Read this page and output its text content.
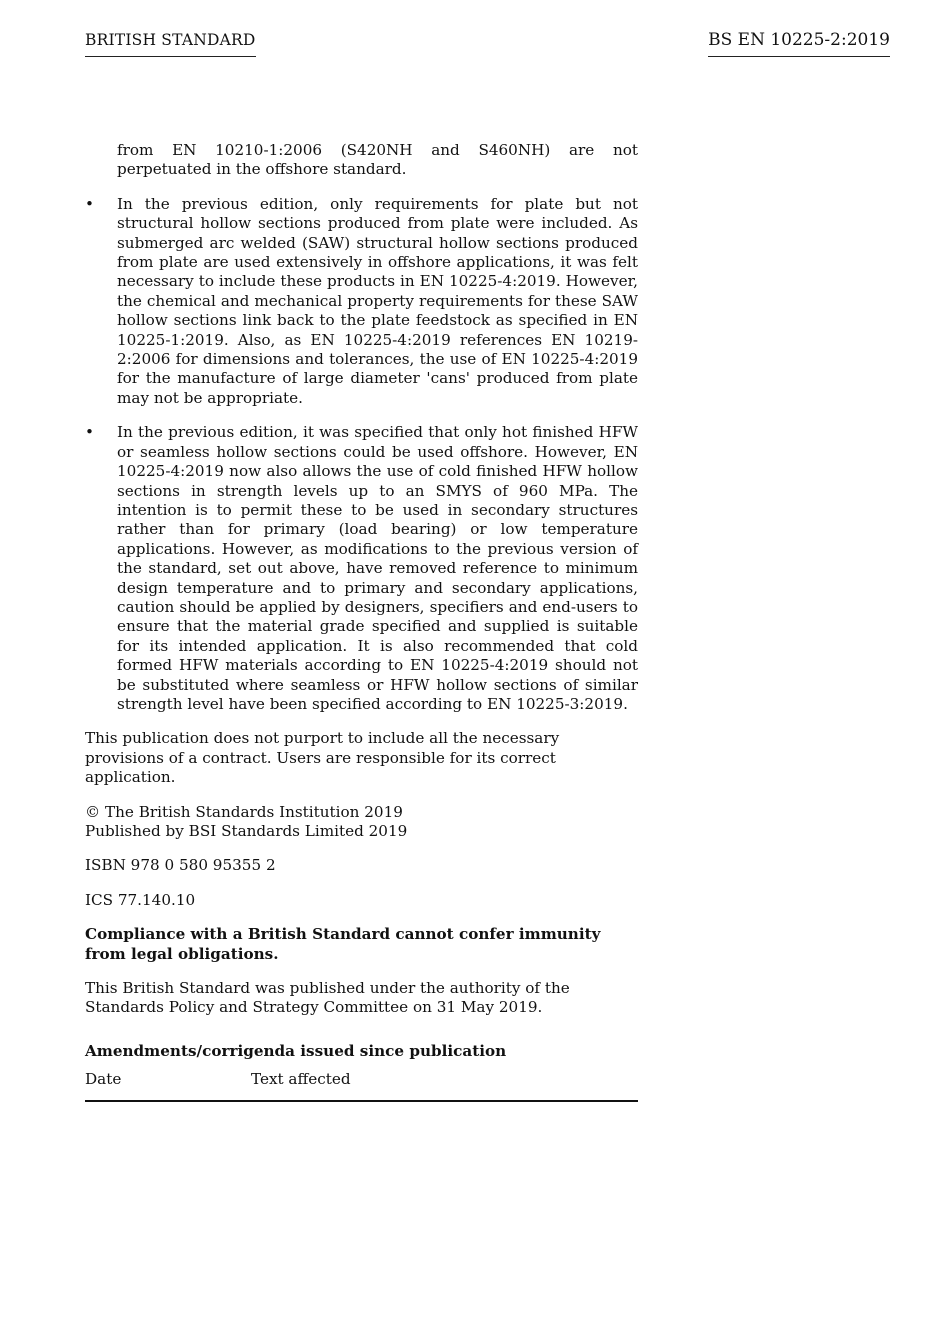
BRITISH STANDARD	BS EN 10225-2:2019

from EN 10210-1:2006 (S420NH and S460NH) are not perpetuated in the offshore standard.

• In the previous edition, only requirements for plate but not structural hollow sections produced from plate were included. As submerged arc welded (SAW) structural hollow sections produced from plate are used extensively in offshore applications, it was felt necessary to include these products in EN 10225-4:2019. However, the chemical and mechanical property requirements for these SAW hollow sections link back to the plate feedstock as specified in EN 10225-1:2019. Also, as EN 10225-4:2019 references EN 10219-2:2006 for dimensions and tolerances, the use of EN 10225-4:2019 for the manufacture of large diameter 'cans' produced from plate may not be appropriate.

• In the previous edition, it was specified that only hot finished HFW or seamless hollow sections could be used offshore. However, EN 10225-4:2019 now also allows the use of cold finished HFW hollow sections in strength levels up to an SMYS of 960 MPa. The intention is to permit these to be used in secondary structures rather than for primary (load bearing) or low temperature applications. However, as modifications to the previous version of the standard, set out above, have removed reference to minimum design temperature and to primary and secondary applications, caution should be applied by designers, specifiers and end-users to ensure that the material grade specified and supplied is suitable for its intended application. It is also recommended that cold formed HFW materials according to EN 10225-4:2019 should not be substituted where seamless or HFW hollow sections of similar strength level have been specified according to EN 10225-3:2019.

This publication does not purport to include all the necessary provisions of a contract. Users are responsible for its correct application.

© The British Standards Institution 2019
Published by BSI Standards Limited 2019

ISBN 978 0 580 95355 2

ICS 77.140.10

Compliance with a British Standard cannot confer immunity from legal obligations.

This British Standard was published under the authority of the
Standards Policy and Strategy Committee on 31 May 2019.

Amendments/corrigenda issued since publication

Date	Text affected
